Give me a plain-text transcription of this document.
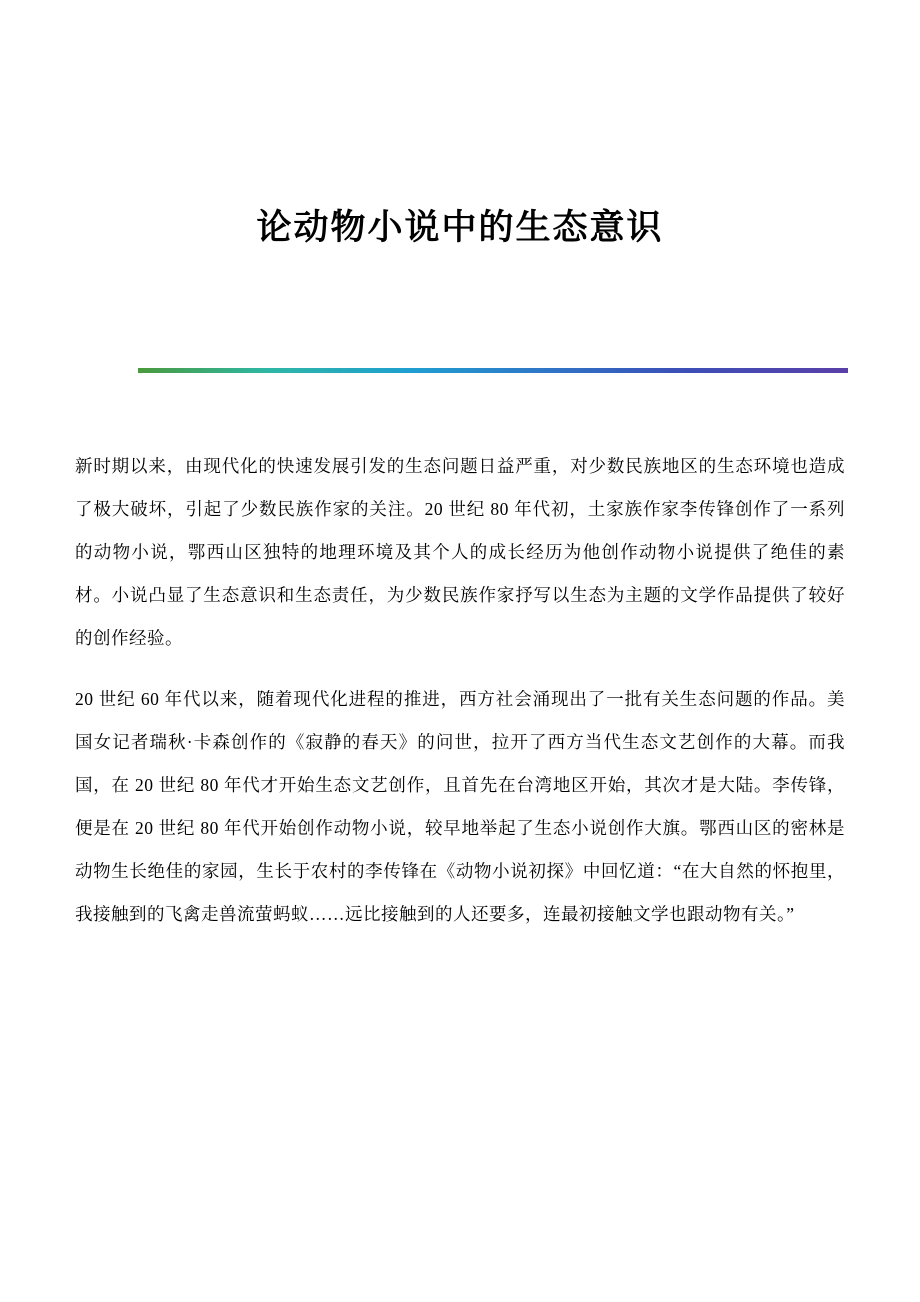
论动物小说中的生态意识

新时期以来，由现代化的快速发展引发的生态问题日益严重，对少数民族地区的生态环境也造成了极大破坏，引起了少数民族作家的关注。20 世纪 80 年代初，土家族作家李传锋创作了一系列的动物小说，鄂西山区独特的地理环境及其个人的成长经历为他创作动物小说提供了绝佳的素材。小说凸显了生态意识和生态责任，为少数民族作家抒写以生态为主题的文学作品提供了较好的创作经验。

20 世纪 60 年代以来，随着现代化进程的推进，西方社会涌现出了一批有关生态问题的作品。美国女记者瑞秋·卡森创作的《寂静的春天》的问世，拉开了西方当代生态文艺创作的大幕。而我国，在 20 世纪 80 年代才开始生态文艺创作，且首先在台湾地区开始，其次才是大陆。李传锋，便是在 20 世纪 80 年代开始创作动物小说，较早地举起了生态小说创作大旗。鄂西山区的密林是动物生长绝佳的家园，生长于农村的李传锋在《动物小说初探》中回忆道：“在大自然的怀抱里，我接触到的飞禽走兽流萤蚂蚁……远比接触到的人还要多，连最初接触文学也跟动物有关。”
